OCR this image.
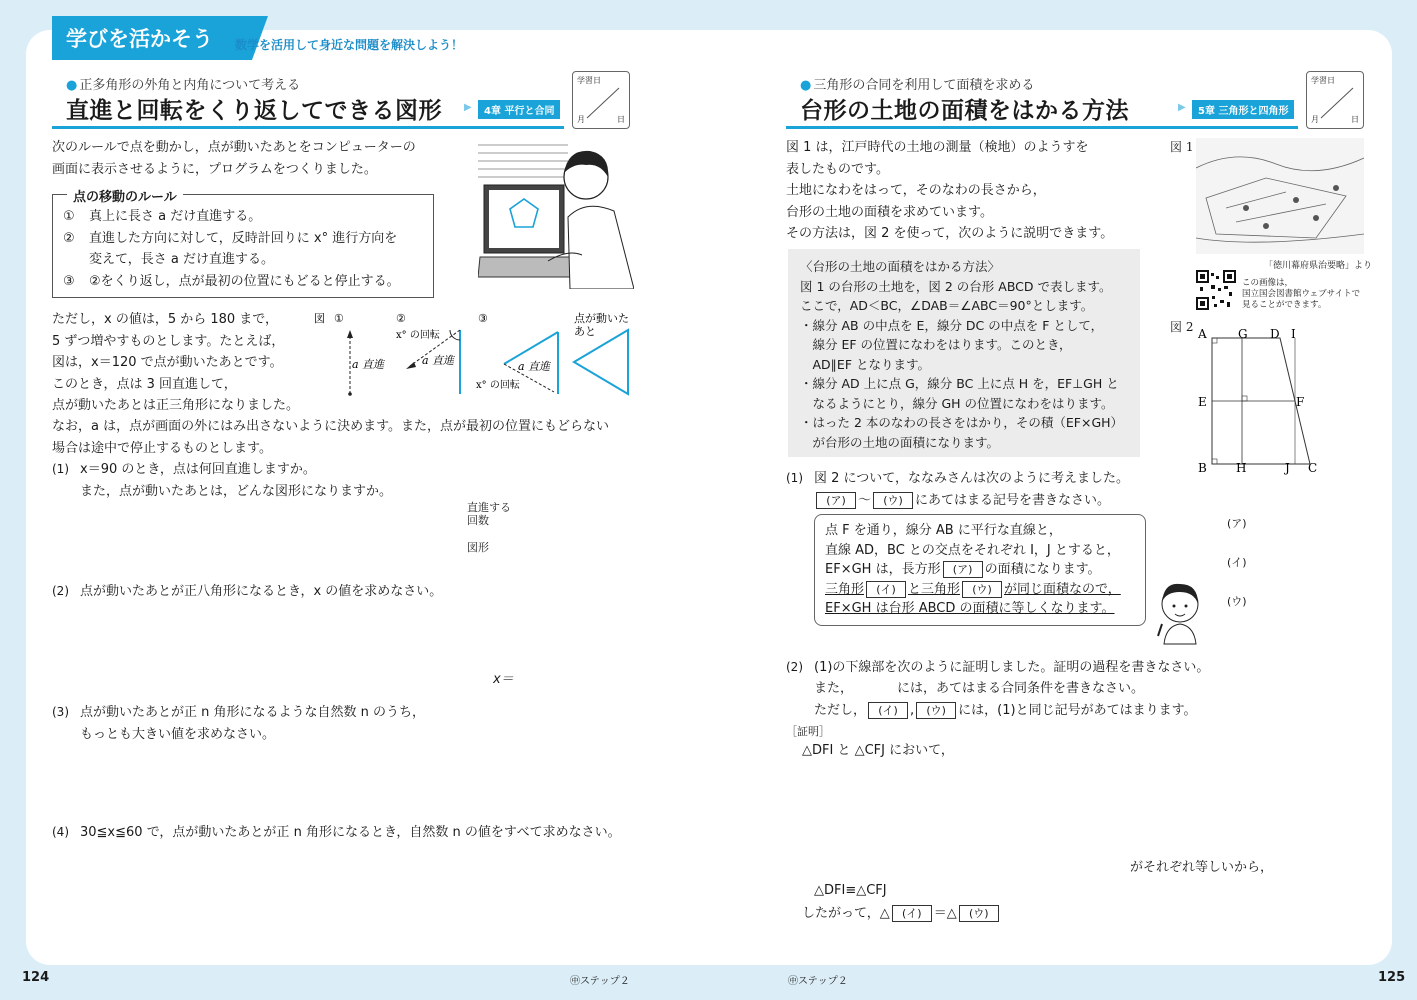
学びを活かそう	数学を活用して身近な問題を解決しよう！
● 正多角形の外角と内角について考える
直進と回転をくり返してできる図形	▶ 4章 平行と合同
学習日
月	日
次のルールで点を動かし，点が動いたあとをコンピューターの
画面に表示させるように，プログラムをつくりました。
点の移動のルール
① 真上に長さ a だけ直進する。
② 直進した方向に対して，反時計回りに x° 進行方向を
変えて，長さ a だけ直進する。
③ ②をくり返し，点が最初の位置にもどると停止する。
ただし，x の値は，5 から 180 まで，
5 ずつ増やすものとします。たとえば，
図は，x＝120 で点が動いたあとです。
このとき，点は 3 回直進して，
点が動いたあとは正三角形になりました。
図 ①	②	③
a 直進
x° の回転
a 直進	a 直進
x° の回転
点が動いた
あと
なお，a は，点が画面の外にはみ出さないように決めます。また，点が最初の位置にもどらない
場合は途中で停止するものとします。
(1) x＝90 のとき，点は何回直進しますか。
また，点が動いたあとは，どんな図形になりますか。
直進する
回数
図形
(2) 点が動いたあとが正八角形になるとき，x の値を求めなさい。
x＝
(3) 点が動いたあとが正 n 角形になるような自然数 n のうち，
もっとも大きい値を求めなさい。
(4) 30≦x≦60 で，点が動いたあとが正 n 角形になるとき，自然数 n の値をすべて求めなさい。
124	㊥ステップ２
● 三角形の合同を利用して面積を求める
台形の土地の面積をはかる方法	▶ 5章 三角形と四角形
学習日
月	日
図 1 は，江戸時代の土地の測量（検地）のようすを
表したものです。
土地になわをはって，そのなわの長さから，
台形の土地の面積を求めています。
その方法は，図 2 を使って，次のように説明できます。
図 1
「徳川幕府県治要略」より
この画像は，
国立国会図書館ウェブサイトで
見ることができます。
図 2 A	G D I
E	F
B H	J C
〈台形の土地の面積をはかる方法〉
図 1 の台形の土地を，図 2 の台形 ABCD で表します。
ここで，AD＜BC，∠DAB＝∠ABC＝90°とします。
・線分 AB の中点を E，線分 DC の中点を F として，
　線分 EF の位置になわをはります。このとき，
　AD∥EF となります。
・線分 AD 上に点 G，線分 BC 上に点 H を，EF⊥GH と
　なるようにとり，線分 GH の位置になわをはります。
・はった 2 本のなわの長さをはかり，その積（EF×GH）
　が台形の土地の面積になります。
(1) 図 2 について，ななみさんは次のように考えました。
(ア) ～ (ウ) にあてはまる記号を書きなさい。
点 F を通り，線分 AB に平行な直線と，
直線 AD，BC との交点をそれぞれ I，J とすると，
EF×GH は，長方形 (ア) の面積になります。
三角形 (イ) と三角形 (ウ) が同じ面積なので，
EF×GH は台形 ABCD の面積に等しくなります。
(ア)
(イ)
(ウ)
(2) (1)の下線部を次のように証明しました。証明の過程を書きなさい。
また，	には，あてはまる合同条件を書きなさい。
ただし， (イ) , (ウ) には，(1)と同じ記号があてはまります。
［証明］
△DFI と △CFJ において，
がそれぞれ等しいから，
△DFI≡△CFJ
したがって，△ (イ) ＝△ (ウ)
125
㊥ステップ２
